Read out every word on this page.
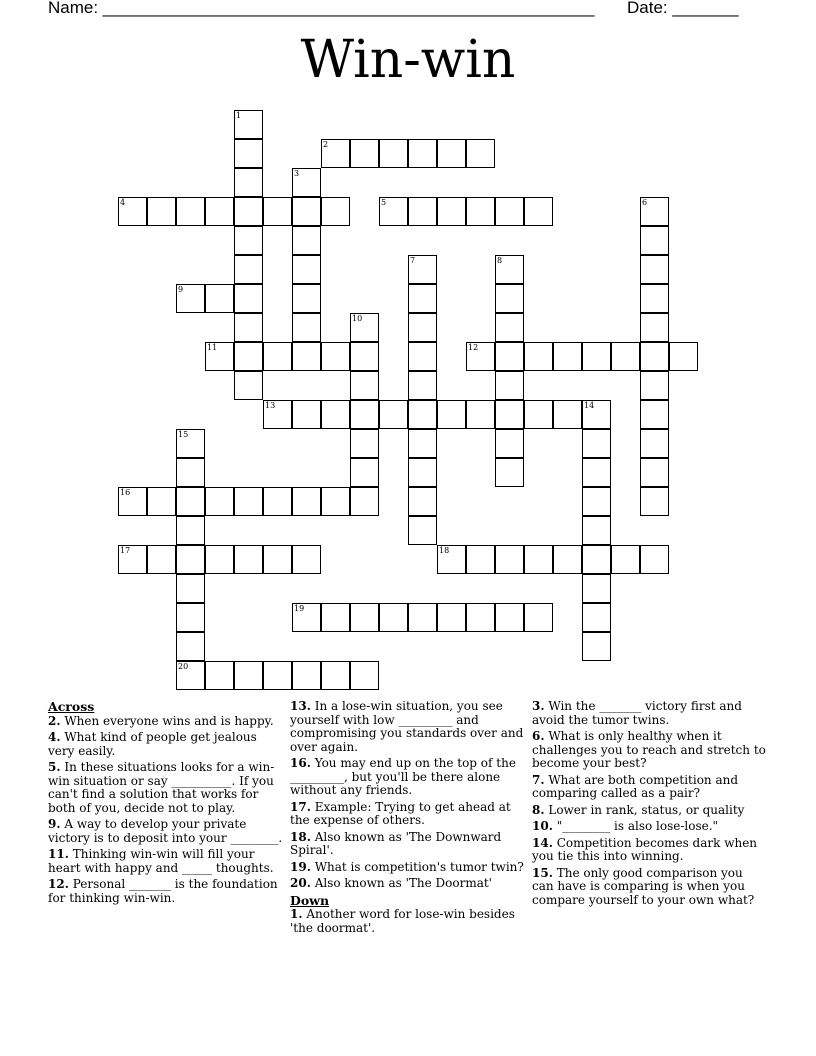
Name: ____________________________________________________ Date: _______
Win-win
1
2
3
4	5	6
7	8
9
10
11	12
13	14
15
20
16
17	18
19
Across
2. When everyone wins and is happy.
4. What kind of people get jealous very easily.
5. In these situations looks for a win-win situation or say __________. If you can't find a solution that works for both of you, decide not to play.
9. A way to develop your private victory is to deposit into your ________.
11. Thinking win-win will fill your heart with happy and _____ thoughts.
12. Personal _______ is the foundation for thinking win-win.
13. In a lose-win situation, you see yourself with low _________ and compromising you standards over and over again.
16. You may end up on the top of the _________, but you'll be there alone without any friends.
17. Example: Trying to get ahead at the expense of others.
18. Also known as 'The Downward Spiral'.
19. What is competition's tumor twin?
20. Also known as 'The Doormat'
Down
1. Another word for lose-win besides 'the doormat'.
3. Win the _______ victory first and avoid the tumor twins.
6. What is only healthy when it challenges you to reach and stretch to become your best?
7. What are both competition and comparing called as a pair?
8. Lower in rank, status, or quality
10. "________ is also lose-lose."
14. Competition becomes dark when you tie this into winning.
15. The only good comparison you can have is comparing is when you compare yourself to your own what?
